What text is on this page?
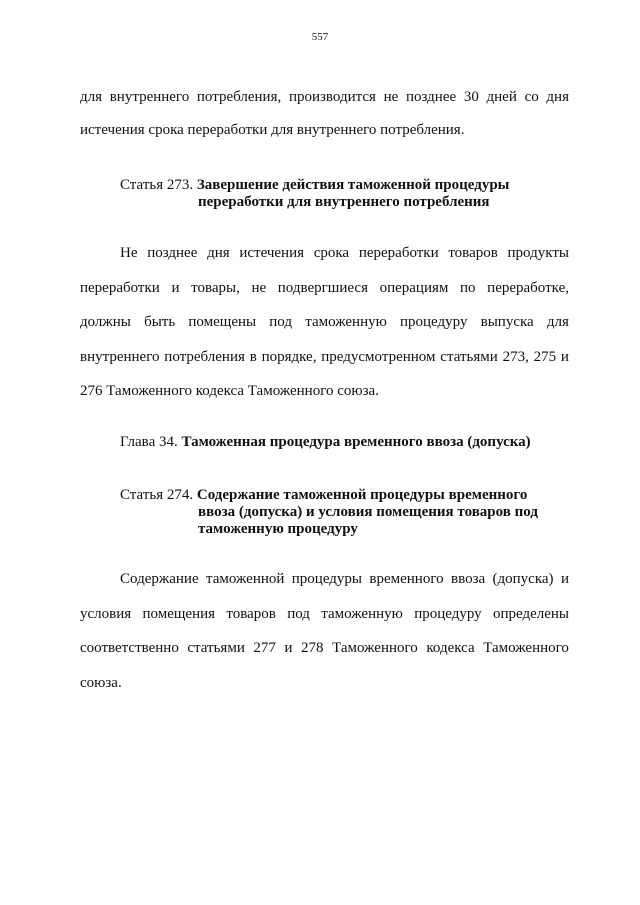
557
для внутреннего потребления, производится не позднее 30 дней со дня
истечения срока переработки для внутреннего потребления.
Статья 273. Завершение действия таможенной процедуры
переработки для внутреннего потребления
Не позднее дня истечения срока переработки товаров продукты
переработки и товары, не подвергшиеся операциям по переработке,
должны быть помещены под таможенную процедуру выпуска для
внутреннего потребления в порядке, предусмотренном статьями 273, 275 и
276 Таможенного кодекса Таможенного союза.
Глава 34. Таможенная процедура временного ввоза (допуска)
Статья 274. Содержание таможенной процедуры временного
ввоза (допуска) и условия помещения товаров под
таможенную процедуру
Содержание таможенной процедуры временного ввоза (допуска) и
условия помещения товаров под таможенную процедуру определены
соответственно статьями 277 и 278 Таможенного кодекса Таможенного
союза.
